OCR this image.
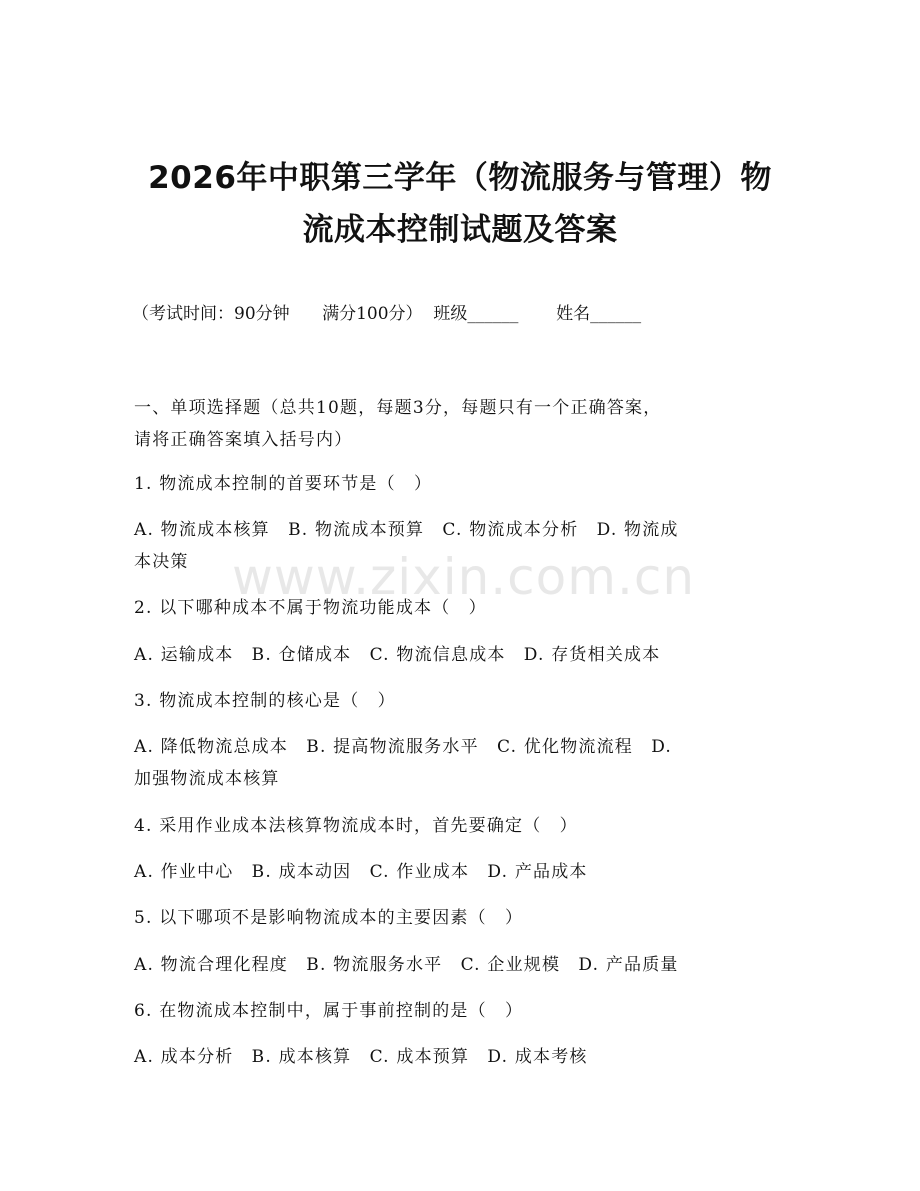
2026年中职第三学年（物流服务与管理）物
流成本控制试题及答案
（考试时间：90分钟 满分100分） 班级______ 姓名______
一、单项选择题（总共10题，每题3分，每题只有一个正确答案，
请将正确答案填入括号内）
1. 物流成本控制的首要环节是（　）
A. 物流成本核算　B. 物流成本预算　C. 物流成本分析　D. 物流成
本决策
2. 以下哪种成本不属于物流功能成本（　）
A. 运输成本　B. 仓储成本　C. 物流信息成本　D. 存货相关成本
3. 物流成本控制的核心是（　）
A. 降低物流总成本　B. 提高物流服务水平　C. 优化物流流程　D.
加强物流成本核算
4. 采用作业成本法核算物流成本时，首先要确定（　）
A. 作业中心　B. 成本动因　C. 作业成本　D. 产品成本
5. 以下哪项不是影响物流成本的主要因素（　）
A. 物流合理化程度　B. 物流服务水平　C. 企业规模　D. 产品质量
6. 在物流成本控制中，属于事前控制的是（　）
A. 成本分析　B. 成本核算　C. 成本预算　D. 成本考核
www.zixin.com.cn
